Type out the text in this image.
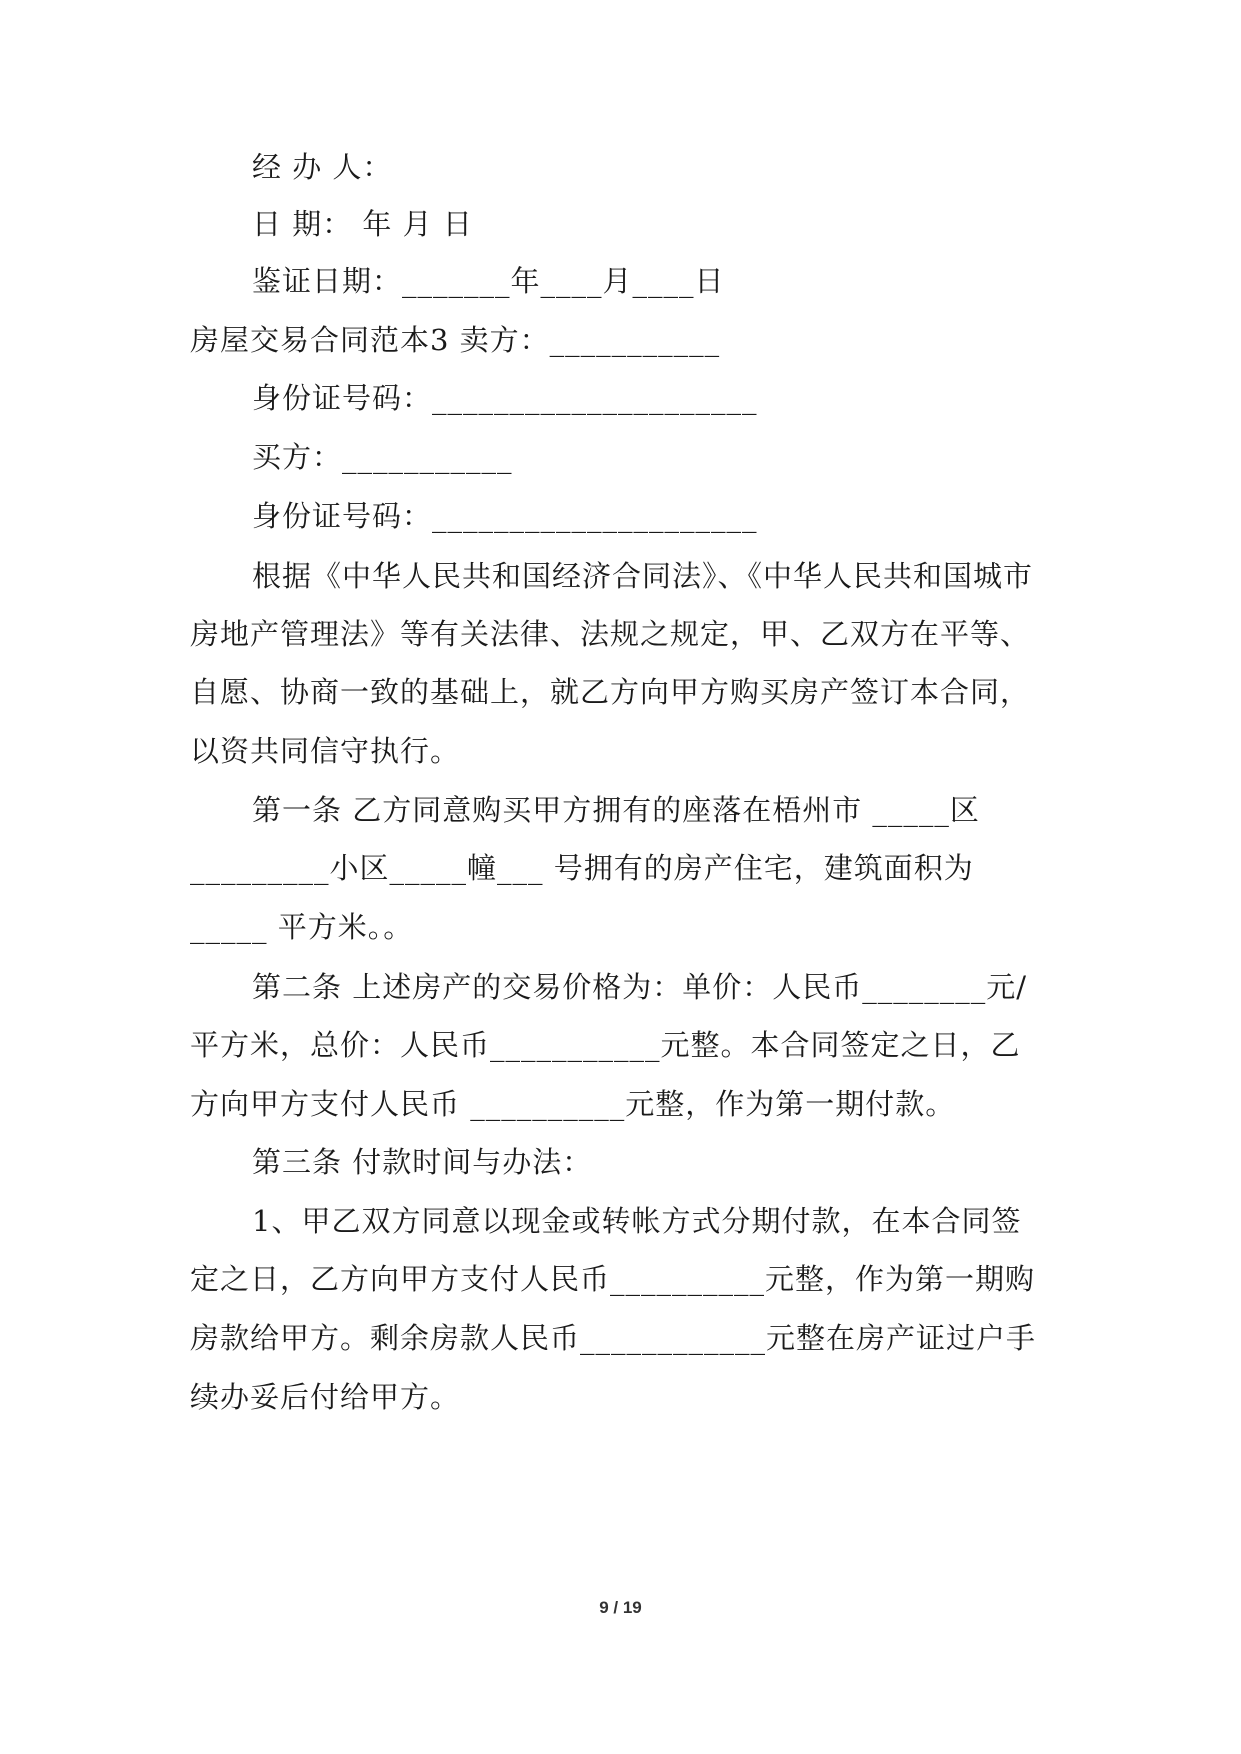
经 办 人：
日 期： 年 月 日
鉴证日期：_______年____月____日
房屋交易合同范本3 卖方：___________
身份证号码：_____________________
买方：___________
身份证号码：_____________________
根据《中华人民共和国经济合同法》、《中华人民共和国城市
房地产管理法》等有关法律、法规之规定，甲、乙双方在平等、
自愿、协商一致的基础上，就乙方向甲方购买房产签订本合同，
以资共同信守执行。
第一条 乙方同意购买甲方拥有的座落在梧州市 _____区
_________小区_____幢___ 号拥有的房产住宅，建筑面积为
_____ 平方米。。
第二条 上述房产的交易价格为：单价：人民币________元/
平方米，总价：人民币___________元整。本合同签定之日，乙
方向甲方支付人民币 __________元整，作为第一期付款。
第三条 付款时间与办法：
1、甲乙双方同意以现金或转帐方式分期付款，在本合同签
定之日，乙方向甲方支付人民币__________元整，作为第一期购
房款给甲方。剩余房款人民币____________元整在房产证过户手
续办妥后付给甲方。
9 / 19
